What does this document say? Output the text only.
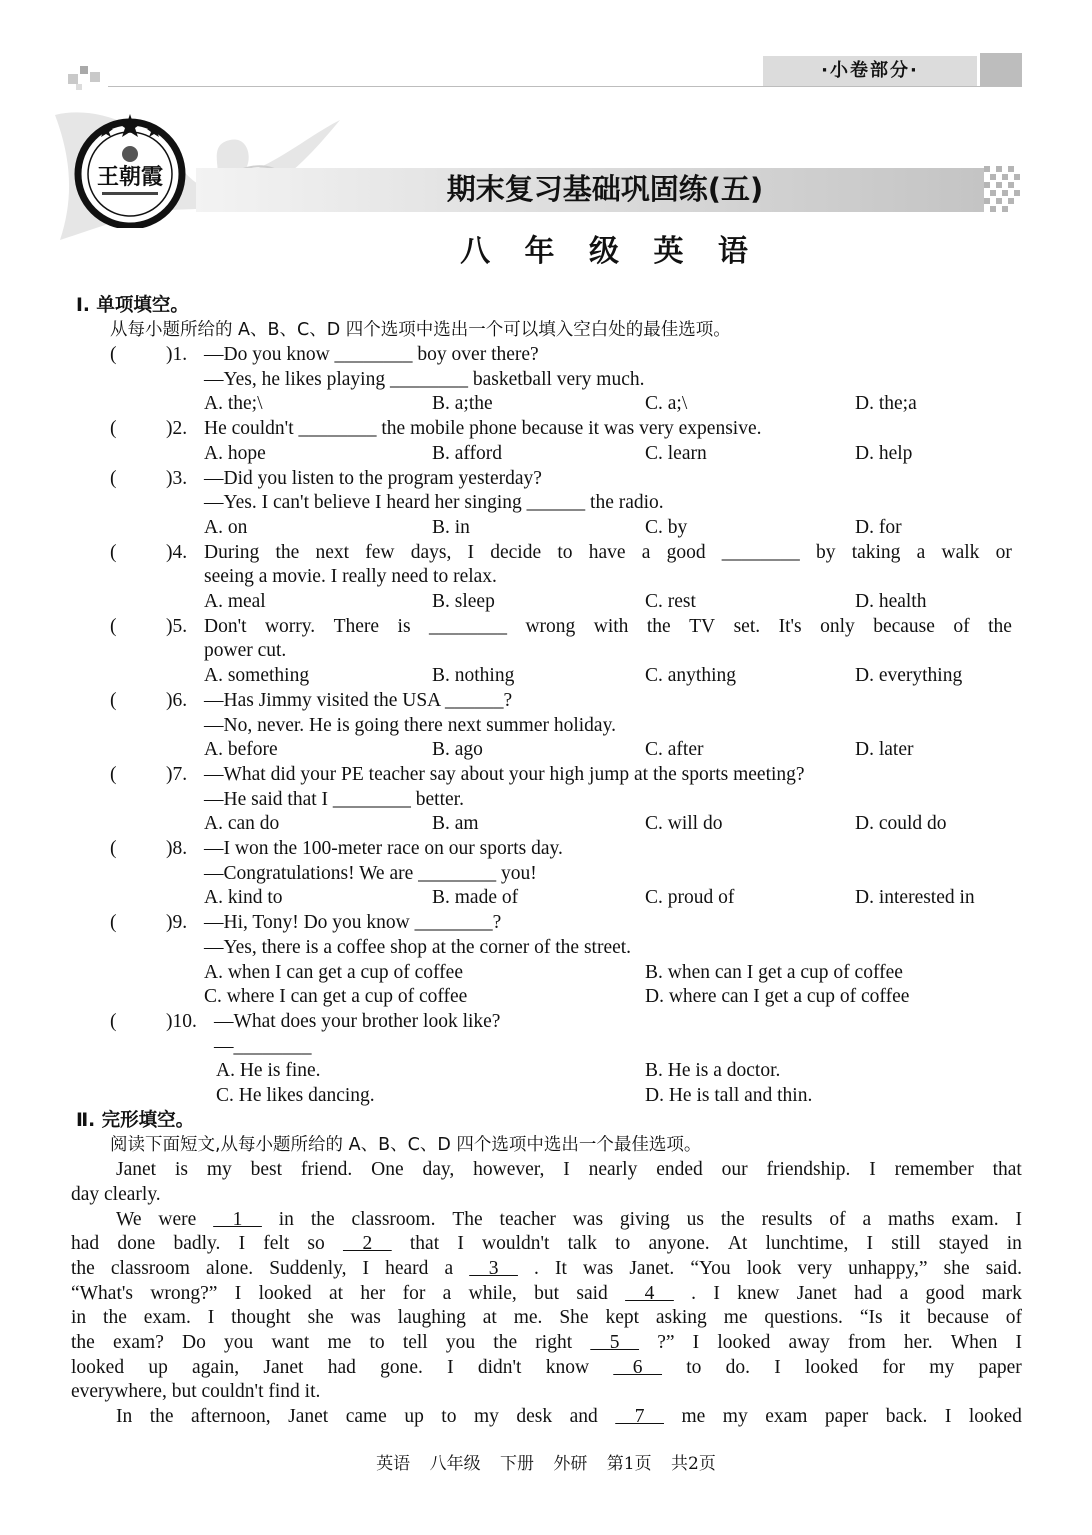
·小卷部分·
王朝霞	期末复习基础巩固练(五)
八 年 级 英 语
Ⅰ. 单项填空。
从每小题所给的 A、B、C、D 四个选项中选出一个可以填入空白处的最佳选项。
(	)1. —Do you know ________ boy over there?
—Yes, he likes playing ________ basketball very much.
A. the;\	B. a;the	C. a;\	D. the;a
(	)2. He couldn't ________ the mobile phone because it was very expensive.
A. hope	B. afford	C. learn	D. help
(	)3. —Did you listen to the program yesterday?
—Yes. I can't believe I heard her singing ______ the radio.
A. on	B. in	C. by	D. for
(	)4. During the next few days, I decide to have a good ________ by taking a walk or
seeing a movie. I really need to relax.
A. meal	B. sleep	C. rest	D. health
(	)5. Don't worry. There is ________ wrong with the TV set. It's only because of the
power cut.
A. something	B. nothing	C. anything	D. everything
(	)6. —Has Jimmy visited the USA ______?
—No, never. He is going there next summer holiday.
A. before	B. ago	C. after	D. later
(	)7. —What did your PE teacher say about your high jump at the sports meeting?
—He said that I ________ better.
A. can do	B. am	C. will do	D. could do
(	)8. —I won the 100-meter race on our sports day.
—Congratulations! We are ________ you!
A. kind to	B. made of	C. proud of	D. interested in
(	)9. —Hi, Tony! Do you know ________?
—Yes, there is a coffee shop at the corner of the street.
A. when I can get a cup of coffee	B. when can I get a cup of coffee
C. where I can get a cup of coffee	D. where can I get a cup of coffee
(	)10. —What does your brother look like?
—________
A. He is fine.	B. He is a doctor.
C. He likes dancing.	D. He is tall and thin.
Ⅱ. 完形填空。
阅读下面短文,从每小题所给的 A、B、C、D 四个选项中选出一个最佳选项。
Janet is my best friend. One day, however, I nearly ended our friendship. I remember that
day clearly.
We were 1 in the classroom. The teacher was giving us the results of a maths exam. I
had done badly. I felt so 2 that I wouldn't talk to anyone. At lunchtime, I still stayed in
the classroom alone. Suddenly, I heard a 3 . It was Janet. “You look very unhappy,” she said.
“What's wrong?” I looked at her for a while, but said 4 . I knew Janet had a good mark
in the exam. I thought she was laughing at me. She kept asking me questions. “Is it because of
the exam? Do you want me to tell you the right 5 ?” I looked away from her. When I
looked up again, Janet had gone. I didn't know 6 to do. I looked for my paper
everywhere, but couldn't find it.
In the afternoon, Janet came up to my desk and 7 me my exam paper back. I looked
英语 八年级 下册 外研 第1页 共2页
